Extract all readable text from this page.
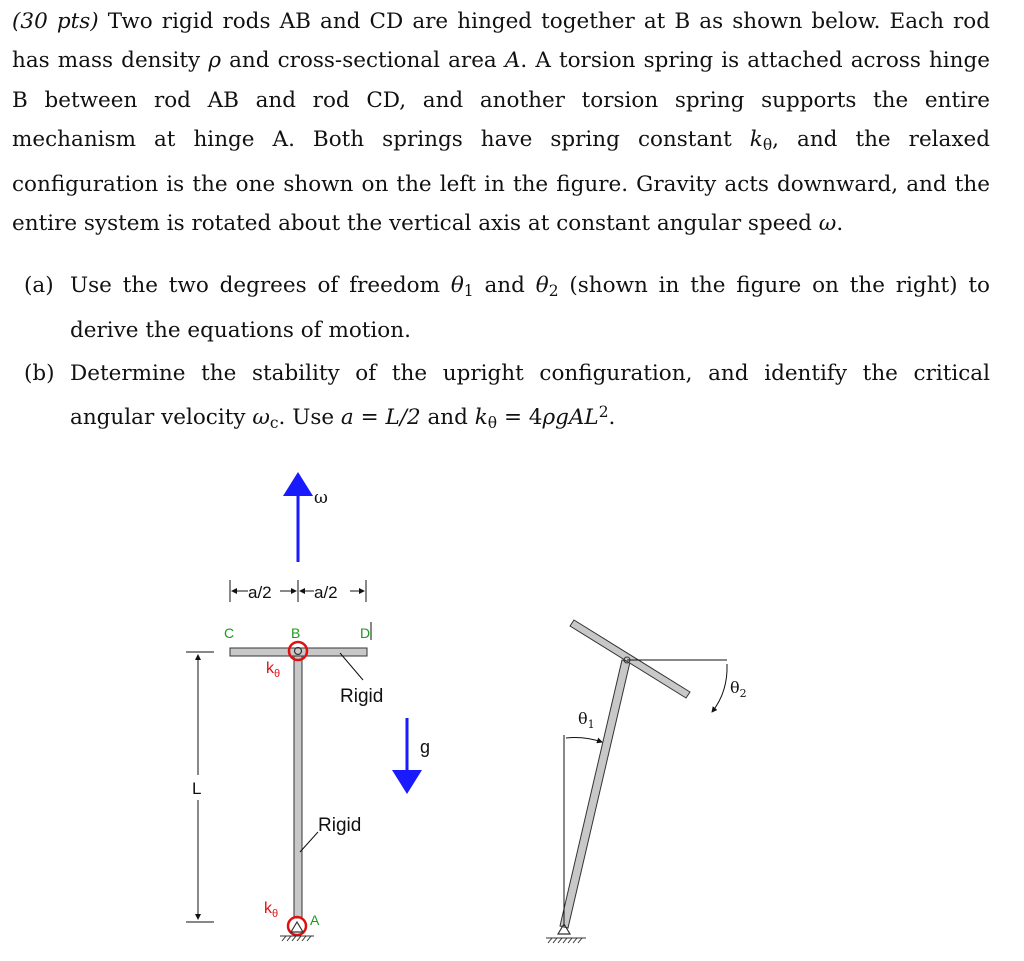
(30 pts) Two rigid rods AB and CD are hinged together at B as shown below. Each rod has mass density ρ and cross-sectional area A. A torsion spring is attached across hinge B between rod AB and rod CD, and another torsion spring supports the entire mechanism at hinge A. Both springs have spring constant $k_\theta$, and the relaxed configuration is the one shown on the left in the figure. Gravity acts downward, and the entire system is rotated about the vertical axis at constant angular speed ω.
(a) Use the two degrees of freedom $\theta_1$ and $\theta_2$ (shown in the figure on the right) to derive the equations of motion.
(b) Determine the stability of the upright configuration, and identify the critical angular velocity $\omega_c$. Use a = L/2 and $k_\theta = 4\rho gAL^2$.
ω
a/2 a/2
C	B	D
$k_\theta$
Rigid
L
g
Rigid
$k_\theta$ A
$\theta_2$
$\theta_1$
